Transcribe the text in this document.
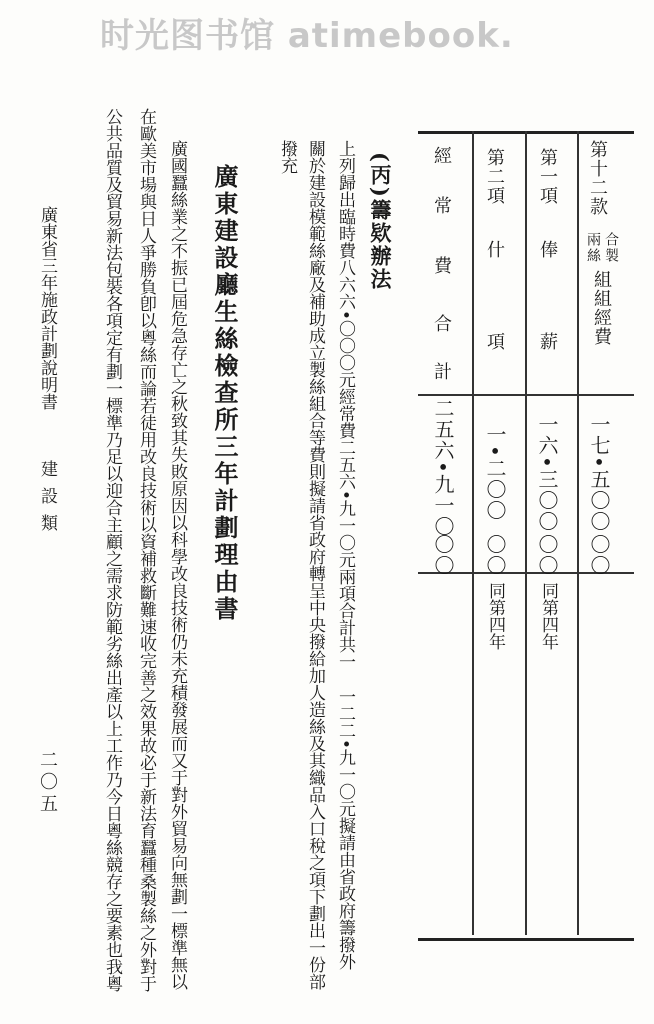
时光图书馆 atimebook.
第十二款
合製
兩絲
組組經費
一七•五〇〇
〇〇
第一項
俸
薪
一六•三〇〇
〇〇
同第四年
第二項
什
項
一•二〇〇
〇〇
同第四年
經
常
費
合
計
二五六•九一〇
〇〇
(丙)籌欵辦法
上列歸出臨時費八六六•〇〇〇元經常費二五六•九一〇元兩項合計共一
一二二•九一〇元擬請由省政府籌撥外
關於建設模範絲廠及補助成立製絲組合等費則擬請省政府轉呈中央撥給加人造絲及其織品入口稅之項下劃出一份部
撥充
廣東建設廳生絲檢查所三年計劃理由書
廣國蠶絲業之不振已屆危急存亡之秋致其失敗原因以科學改良技術仍未充積發展而又于對外貿易向無劃一標準無以
在歐美市場與日人爭勝負卽以粵絲而論若徒用改良技術以資補救斷難速收完善之效果故必于新法育蠶種桑製絲之外對于
公共品質及貿易新法包裝各項定有劃一標準乃足以迎合主顧之需求防範劣絲出產以上工作乃今日粵絲競存之要素也我粵
廣東省三年施政計劃說明書
建設類
二〇五
